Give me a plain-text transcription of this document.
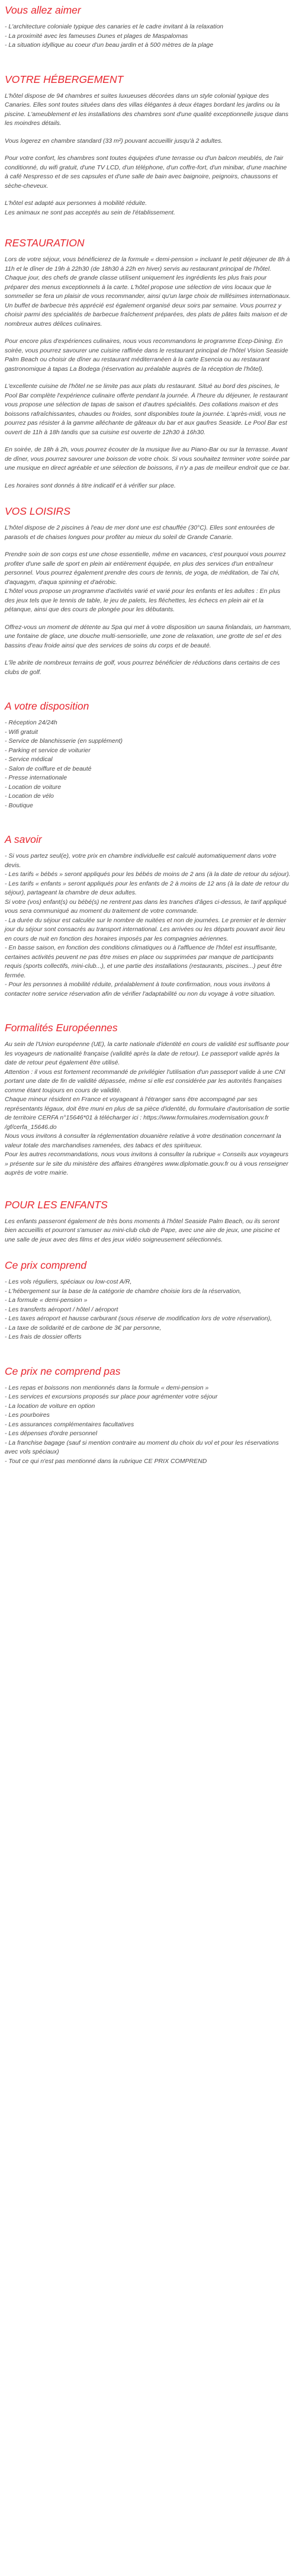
Vous allez aimer
- L'architecture coloniale typique des canaries et le cadre invitant à la relaxation
- La proximité avec les fameuses Dunes et plages de Maspalomas
- La situation idyllique au coeur d'un beau jardin et à 500 mètres de la plage
VOTRE HÉBERGEMENT

L'hôtel dispose de 94 chambres et suites luxueuses décorées dans un style colonial typique des Canaries. Elles sont toutes situées dans des villas élégantes à deux étages bordant les jardins ou la piscine. L'ameublement et les installations des chambres sont d'une qualité exceptionnelle jusque dans les moindres détails.

Vous logerez en chambre standard (33 m²) pouvant accueillir jusqu'à 2 adultes.

Pour votre confort, les chambres sont toutes équipées d'une terrasse ou d'un balcon meublés, de l'air conditionné, du wifi gratuit, d'une TV LCD, d'un téléphone, d'un coffre-fort, d'un minibar, d'une machine à café Nespresso et de ses capsules et d'une salle de bain avec baignoire, peignoirs, chaussons et sèche-cheveux.

L'hôtel est adapté aux personnes à mobilité réduite.
Les animaux ne sont pas acceptés au sein de l'établissement.

RESTAURATION

Lors de votre séjour, vous bénéficierez de la formule « demi-pension » incluant le petit déjeuner de 8h à 11h et le dîner de 19h à 22h30 (de 18h30 à 22h en hiver) servis au restaurant principal de l'hôtel. Chaque jour, des chefs de grande classe utilisent uniquement les ingrédients les plus frais pour préparer des menus exceptionnels à la carte. L'hôtel propose une sélection de vins locaux que le sommelier se fera un plaisir de vous recommander, ainsi qu'un large choix de millésimes internationaux. Un buffet de barbecue très apprécié est également organisé deux soirs par semaine. Vous pourrez y choisir parmi des spécialités de barbecue fraîchement préparées, des plats de pâtes faits maison et de nombreux autres délices culinaires.

Pour encore plus d'expériences culinaires, nous vous recommandons le programme Ecep-Dining. En soirée, vous pourrez savourer une cuisine raffinée dans le restaurant principal de l'hôtel Vision Seaside Palm Beach ou choisir de dîner au restaurant méditerranéen à la carte Esencia ou au restaurant gastronomique à tapas La Bodega (réservation au préalable auprès de la réception de l'hôtel).

L'excellente cuisine de l'hôtel ne se limite pas aux plats du restaurant. Situé au bord des piscines, le Pool Bar complète l'expérience culinaire offerte pendant la journée. À l'heure du déjeuner, le restaurant vous propose une sélection de tapas de saison et d'autres spécialités. Des collations maison et des boissons rafraîchissantes, chaudes ou froides, sont disponibles toute la journée. L'après-midi, vous ne pourrez pas résister à la gamme alléchante de gâteaux du bar et aux gaufres Seaside. Le Pool Bar est ouvert de 11h à 18h tandis que sa cuisine est ouverte de 12h30 à 16h30.

En soirée, de 18h à 2h, vous pourrez écouter de la musique live au Piano-Bar ou sur la terrasse. Avant de dîner, vous pourrez savourer une boisson de votre choix. Si vous souhaitez terminer votre soirée par une musique en direct agréable et une sélection de boissons, il n'y a pas de meilleur endroit que ce bar.

Les horaires sont donnés à titre indicatif et à vérifier sur place.

VOS LOISIRS

L'hôtel dispose de 2 piscines à l'eau de mer dont une est chauffée (30°C). Elles sont entourées de parasols et de chaises longues pour profiter au mieux du soleil de Grande Canarie.

Prendre soin de son corps est une chose essentielle, même en vacances, c'est pourquoi vous pourrez profiter d'une salle de sport en plein air entièrement équipée, en plus des services d'un entraîneur personnel. Vous pourrez également prendre des cours de tennis, de yoga, de méditation, de Tai chi, d'aquagym, d'aqua spinning et d'aérobic.
L'hôtel vous propose un programme d'activités varié et varié pour les enfants et les adultes : En plus des jeux tels que le tennis de table, le jeu de palets, les fléchettes, les échecs en plein air et la pétanque, ainsi que des cours de plongée pour les débutants.

Offrez-vous un moment de détente au Spa qui met à votre disposition un sauna finlandais, un hammam, une fontaine de glace, une douche multi-sensorielle, une zone de relaxation, une grotte de sel et des bassins d'eau froide ainsi que des services de soins du corps et de beauté.

L'île abrite de nombreux terrains de golf, vous pourrez bénéficier de réductions dans certains de ces clubs de golf.

A votre disposition
- Réception 24/24h
- Wifi gratuit
- Service de blanchisserie (en supplément)
- Parking et service de voiturier
- Service médical
- Salon de coiffure et de beauté
- Presse internationale
- Location de voiture
- Location de vélo
- Boutique
A savoir

- Si vous partez seul(e), votre prix en chambre individuelle est calculé automatiquement dans votre devis.

- Les tarifs « bébés » seront appliqués pour les bébés de moins de 2 ans (à la date de retour du séjour).

- Les tarifs « enfants » seront appliqués pour les enfants de 2 à moins de 12 ans (à la date de retour du séjour), partageant la chambre de deux adultes.

Si votre (vos) enfant(s) ou bébé(s) ne rentrent pas dans les tranches d'âges ci-dessus, le tarif appliqué vous sera communiqué au moment du traitement de votre commande.

- La durée du séjour est calculée sur le nombre de nuitées et non de journées. Le premier et le dernier jour du séjour sont consacrés au transport international. Les arrivées ou les départs pouvant avoir lieu en cours de nuit en fonction des horaires imposés par les compagnies aériennes.

- En basse saison, en fonction des conditions climatiques ou à l'affluence de l'hôtel est insuffisante, certaines activités peuvent ne pas être mises en place ou supprimées par manque de participants requis (sports collectifs, mini-club...), et une partie des installations (restaurants, piscines...) peut être fermée.

- Pour les personnes à mobilité réduite, préalablement à toute confirmation, nous vous invitons à contacter notre service réservation afin de vérifier l'adaptabilité ou non du voyage à votre situation.

Formalités Européennes

Au sein de l'Union européenne (UE), la carte nationale d'identité en cours de validité est suffisante pour les voyageurs de nationalité française (validité après la date de retour). Le passeport valide après la date de retour peut également être utilisé.
Attention : il vous est fortement recommandé de privilégier l'utilisation d'un passeport valide à une CNI portant une date de fin de validité dépassée, même si elle est considérée par les autorités françaises comme étant toujours en cours de validité.
Chaque mineur résident en France et voyageant à l'étranger sans être accompagné par ses représentants légaux, doit être muni en plus de sa pièce d'identité, du formulaire d'autorisation de sortie de territoire CERFA n°15646*01 à télécharger ici : https://www.formulaires.modernisation.gouv.fr /gf/cerfa_15646.do
Nous vous invitons à consulter la réglementation douanière relative à votre destination concernant la valeur totale des marchandises ramenées, des tabacs et des spiritueux.
Pour les autres recommandations, nous vous invitons à consulter la rubrique « Conseils aux voyageurs » présente sur le site du ministère des affaires étrangères www.diplomatie.gouv.fr ou à vous renseigner auprès de votre mairie.

POUR LES ENFANTS

Les enfants passeront également de très bons moments à l'hôtel Seaside Palm Beach, ou ils seront bien accueillis et pourront s'amuser au mini-club club de Pape, avec une aire de jeux, une piscine et une salle de jeux avec des films et des jeux vidéo soigneusement sélectionnés.

Ce prix comprend
- Les vols réguliers, spéciaux ou low-cost A/R,
- L'hébergement sur la base de la catégorie de chambre choisie lors de la réservation,
- La formule « demi-pension »
- Les transferts aéroport / hôtel / aéroport
- Les taxes aéroport et hausse carburant (sous réserve de modification lors de votre réservation),
- La taxe de solidarité et de carbone de 3€ par personne,
- Les frais de dossier offerts
Ce prix ne comprend pas
- Les repas et boissons non mentionnés dans la formule « demi-pension »
- Les services et excursions proposés sur place pour agrémenter votre séjour
- La location de voiture en option
- Les pourboires
- Les assurances complémentaires facultatives
- Les dépenses d'ordre personnel
- La franchise bagage (sauf si mention contraire au moment du choix du vol et pour les réservations avec vols spéciaux)
- Tout ce qui n'est pas mentionné dans la rubrique CE PRIX COMPREND
